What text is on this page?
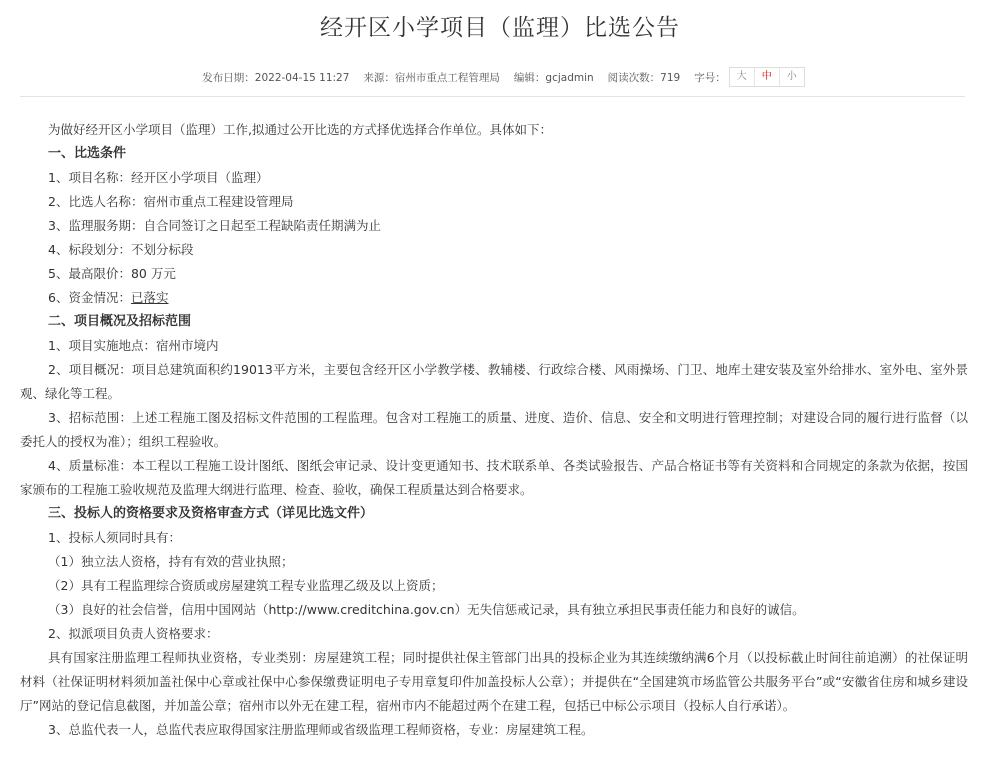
经开区小学项目（监理）比选公告
发布日期：2022-04-15 11:27 来源：宿州市重点工程管理局 编辑：gcjadmin 阅读次数：719 字号：	大	中	小

为做好经开区小学项目（监理）工作,拟通过公开比选的方式择优选择合作单位。具体如下：

一、比选条件

1、项目名称：经开区小学项目（监理）

2、比选人名称：宿州市重点工程建设管理局

3、监理服务期：自合同签订之日起至工程缺陷责任期满为止

4、标段划分：不划分标段

5、最高限价：80 万元

6、资金情况：已落实

二、项目概况及招标范围

1、项目实施地点：宿州市境内

2、项目概况：项目总建筑面积约19013平方米，主要包含经开区小学教学楼、教辅楼、行政综合楼、风雨操场、门卫、地库土建安装及室外给排水、室外电、室外景观、绿化等工程。

3、招标范围：上述工程施工图及招标文件范围的工程监理。包含对工程施工的质量、进度、造价、信息、安全和文明进行管理控制；对建设合同的履行进行监督（以委托人的授权为准）；组织工程验收。

4、质量标准：本工程以工程施工设计图纸、图纸会审记录、设计变更通知书、技术联系单、各类试验报告、产品合格证书等有关资料和合同规定的条款为依据，按国家颁布的工程施工验收规范及监理大纲进行监理、检查、验收，确保工程质量达到合格要求。

三、投标人的资格要求及资格审查方式（详见比选文件）

1、投标人须同时具有：

（1）独立法人资格，持有有效的营业执照；

（2）具有工程监理综合资质或房屋建筑工程专业监理乙级及以上资质；

（3）良好的社会信誉，信用中国网站（http://www.creditchina.gov.cn）无失信惩戒记录，具有独立承担民事责任能力和良好的诚信。

2、拟派项目负责人资格要求：

具有国家注册监理工程师执业资格，专业类别：房屋建筑工程；同时提供社保主管部门出具的投标企业为其连续缴纳满6个月（以投标截止时间往前追溯）的社保证明材料（社保证明材料须加盖社保中心章或社保中心参保缴费证明电子专用章复印件加盖投标人公章）；并提供在“全国建筑市场监管公共服务平台”或“安徽省住房和城乡建设厅”网站的登记信息截图，并加盖公章；宿州市以外无在建工程，宿州市内不能超过两个在建工程，包括已中标公示项目（投标人自行承诺）。

3、总监代表一人，总监代表应取得国家注册监理师或省级监理工程师资格，专业：房屋建筑工程。
